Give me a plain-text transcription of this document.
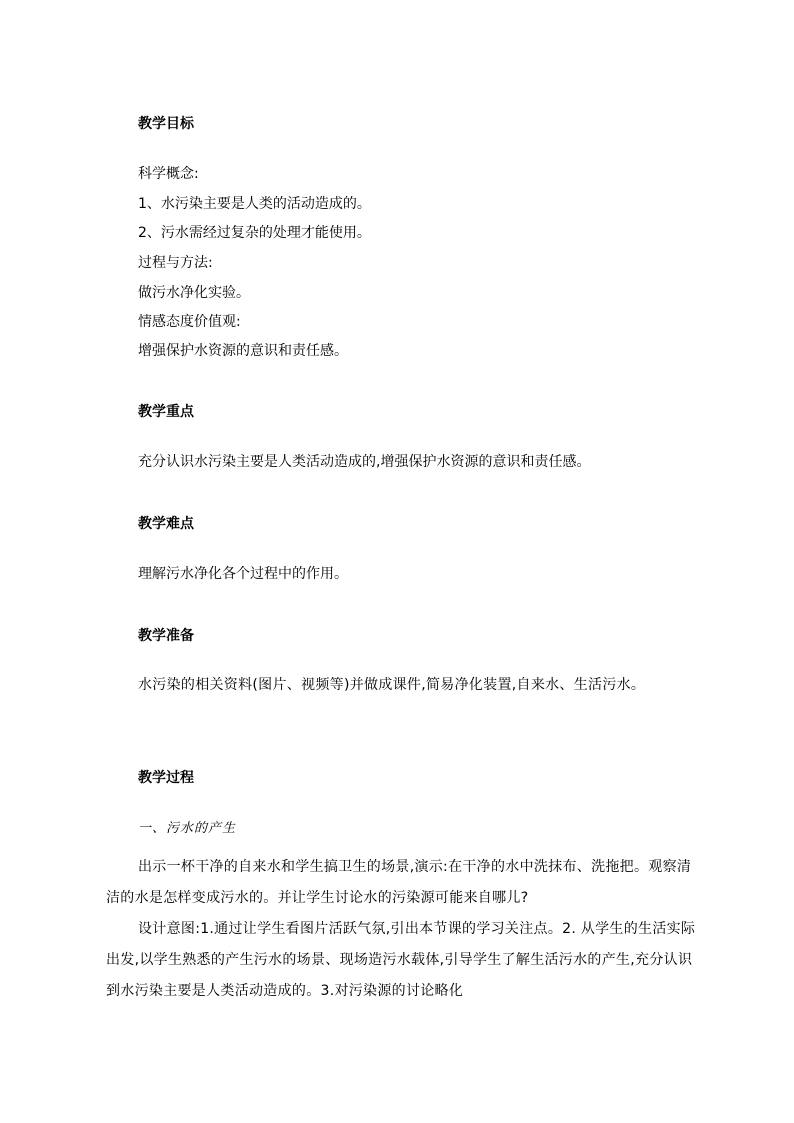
教学目标
科学概念:
1、水污染主要是人类的活动造成的。
2、污水需经过复杂的处理才能使用。
过程与方法:
做污水净化实验。
情感态度价值观:
增强保护水资源的意识和责任感。
教学重点
充分认识水污染主要是人类活动造成的,增强保护水资源的意识和责任感。
教学难点
理解污水净化各个过程中的作用。
教学准备
水污染的相关资料(图片、视频等)并做成课件,简易净化装置,自来水、生活污水。
教学过程
一、污水的产生
出示一杯干净的自来水和学生搞卫生的场景,演示:在干净的水中洗抹布、洗拖把。观察清洁的水是怎样变成污水的。并让学生讨论水的污染源可能来自哪儿?
设计意图:1.通过让学生看图片活跃气氛,引出本节课的学习关注点。2. 从学生的生活实际出发,以学生熟悉的产生污水的场景、现场造污水载体,引导学生了解生活污水的产生,充分认识到水污染主要是人类活动造成的。3.对污染源的讨论略化
